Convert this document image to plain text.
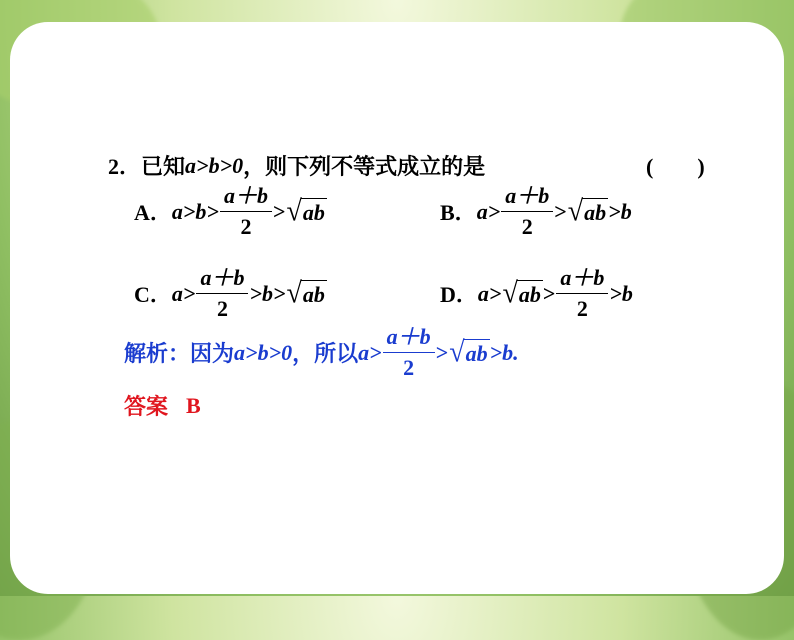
2． 已知 a>b>0 ，则下列不等式成立的是	(　　)
A． $a>b> \frac{a+b}{2}$ > √ ab	B． $a> \frac{a+b}{2}$ > √ ab >b
C． $a> \frac{a+b}{2} >b>$ √ ab	D． a> √ ab > $\frac{a+b}{2} >b$
解析： 因为 a>b>0 ，所以 $a> \frac{a+b}{2}$ > √ ab >b.
答案 B
